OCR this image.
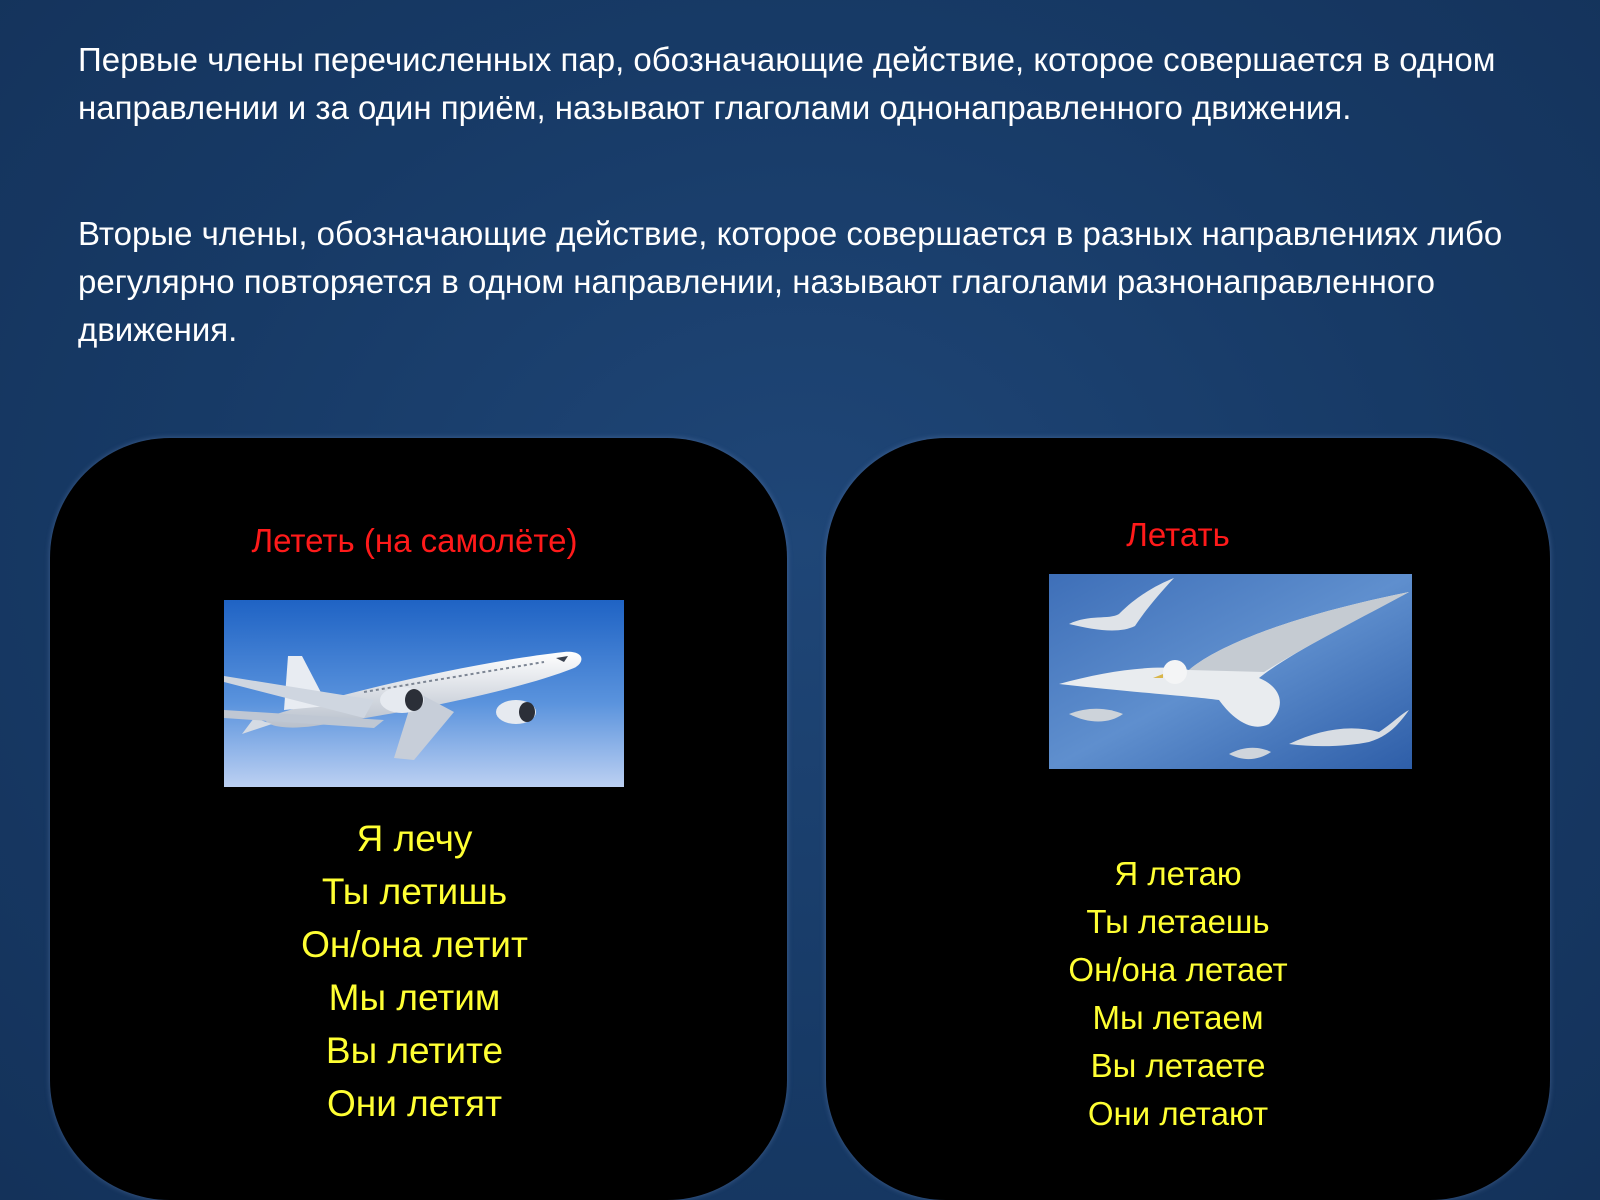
Первые члены перечисленных пар, обозначающие действие, которое совершается в одном направлении и за один приём, называют глаголами однонаправленного движения.

Вторые члены, обозначающие действие, которое совершается в разных направлениях либо регулярно повторяется в одном направлении, называют глаголами разнонаправленного движения.

Лететь (на самолёте)
Я лечу
Ты летишь
Он/она летит
Мы летим
Вы летите
Они летят
Летать
Я летаю
Ты летаешь
Он/она летает
Мы летаем
Вы летаете
Они летают
